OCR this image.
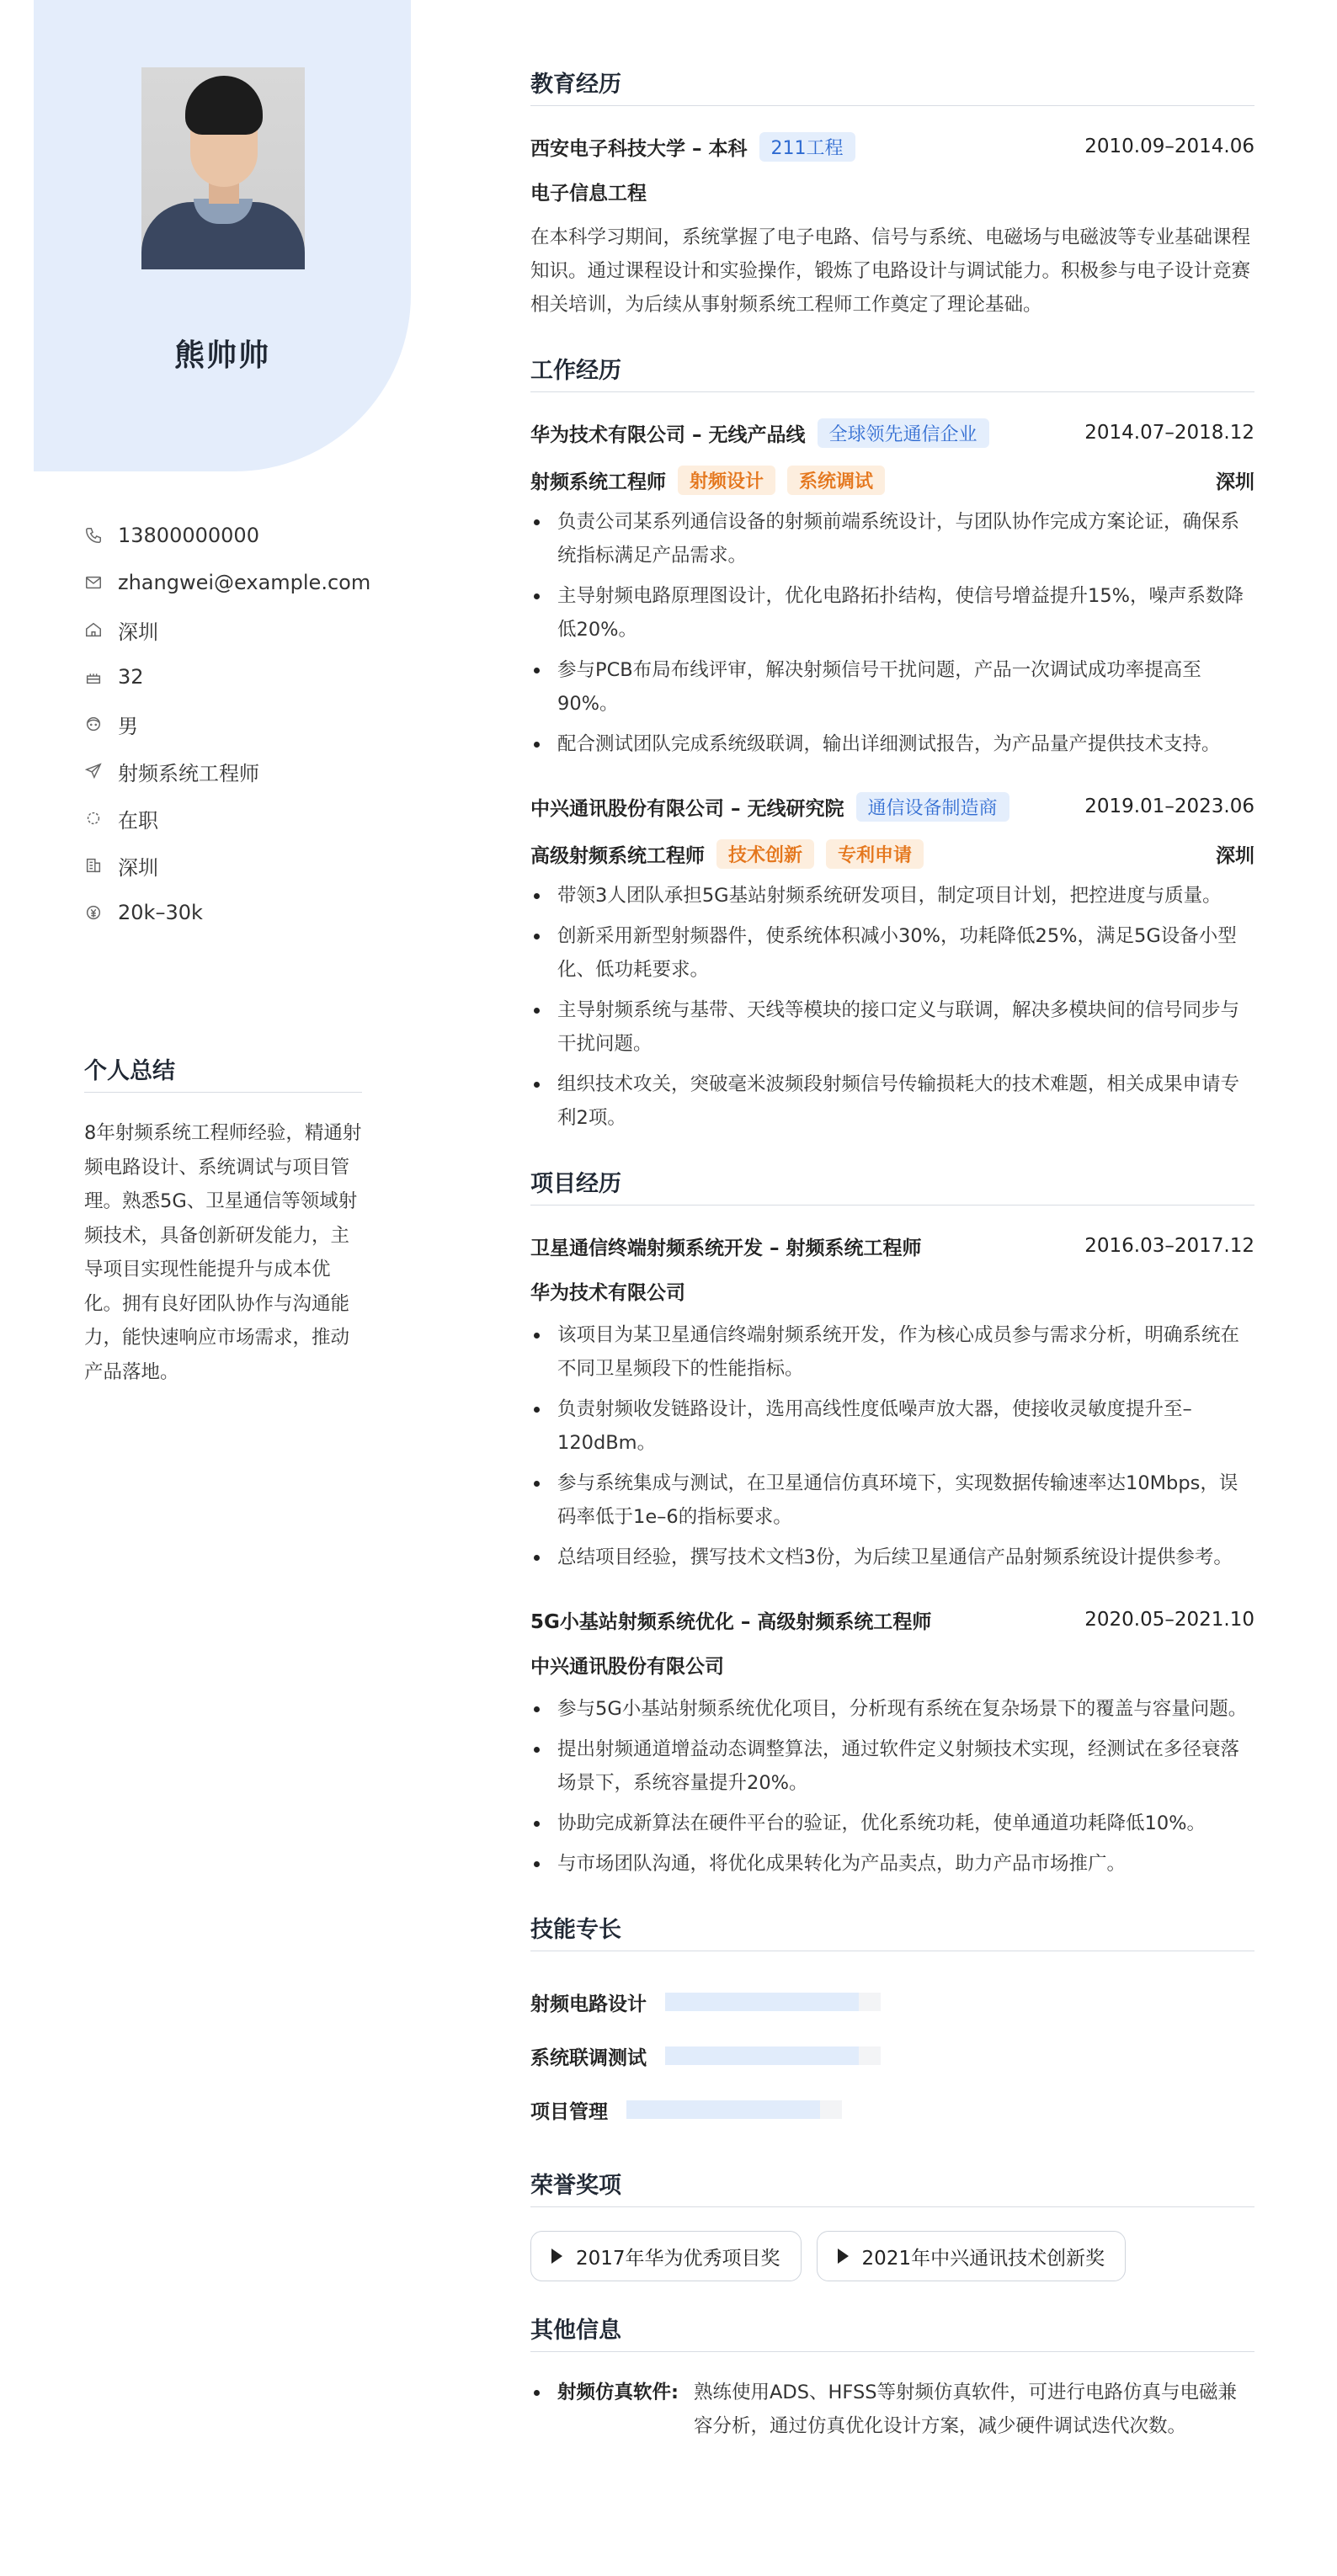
熊帅帅
13800000000
zhangwei@example.com
深圳
32
男
射频系统工程师
在职
深圳
20k–30k
个人总结
8年射频系统工程师经验，精通射频电路设计、系统调试与项目管理。熟悉5G、卫星通信等领域射频技术，具备创新研发能力，主导项目实现性能提升与成本优化。拥有良好团队协作与沟通能力，能快速响应市场需求，推动产品落地。
教育经历
西安电子科技大学 – 本科	211工程	2010.09–2014.06
电子信息工程
在本科学习期间，系统掌握了电子电路、信号与系统、电磁场与电磁波等专业基础课程知识。通过课程设计和实验操作，锻炼了电路设计与调试能力。积极参与电子设计竞赛相关培训，为后续从事射频系统工程师工作奠定了理论基础。
工作经历
华为技术有限公司 – 无线产品线	全球领先通信企业	2014.07–2018.12
射频系统工程师	射频设计	系统调试	深圳
负责公司某系列通信设备的射频前端系统设计，与团队协作完成方案论证，确保系统指标满足产品需求。
主导射频电路原理图设计，优化电路拓扑结构，使信号增益提升15%，噪声系数降低20%。
参与PCB布局布线评审，解决射频信号干扰问题，产品一次调试成功率提高至90%。
配合测试团队完成系统级联调，输出详细测试报告，为产品量产提供技术支持。
中兴通讯股份有限公司 – 无线研究院	通信设备制造商	2019.01–2023.06
高级射频系统工程师	技术创新	专利申请	深圳
带领3人团队承担5G基站射频系统研发项目，制定项目计划，把控进度与质量。
创新采用新型射频器件，使系统体积减小30%，功耗降低25%，满足5G设备小型化、低功耗要求。
主导射频系统与基带、天线等模块的接口定义与联调，解决多模块间的信号同步与干扰问题。
组织技术攻关，突破毫米波频段射频信号传输损耗大的技术难题，相关成果申请专利2项。
项目经历
卫星通信终端射频系统开发 – 射频系统工程师	2016.03–2017.12
华为技术有限公司
该项目为某卫星通信终端射频系统开发，作为核心成员参与需求分析，明确系统在不同卫星频段下的性能指标。
负责射频收发链路设计，选用高线性度低噪声放大器，使接收灵敏度提升至–120dBm。
参与系统集成与测试，在卫星通信仿真环境下，实现数据传输速率达10Mbps，误码率低于1e–6的指标要求。
总结项目经验，撰写技术文档3份，为后续卫星通信产品射频系统设计提供参考。
5G小基站射频系统优化 – 高级射频系统工程师	2020.05–2021.10
中兴通讯股份有限公司
参与5G小基站射频系统优化项目，分析现有系统在复杂场景下的覆盖与容量问题。
提出射频通道增益动态调整算法，通过软件定义射频技术实现，经测试在多径衰落场景下，系统容量提升20%。
协助完成新算法在硬件平台的验证，优化系统功耗，使单通道功耗降低10%。
与市场团队沟通，将优化成果转化为产品卖点，助力产品市场推广。
技能专长
射频电路设计
系统联调测试
项目管理
荣誉奖项
2017年华为优秀项目奖	2021年中兴通讯技术创新奖
其他信息
射频仿真软件: 熟练使用ADS、HFSS等射频仿真软件，可进行电路仿真与电磁兼容分析，通过仿真优化设计方案，减少硬件调试迭代次数。
